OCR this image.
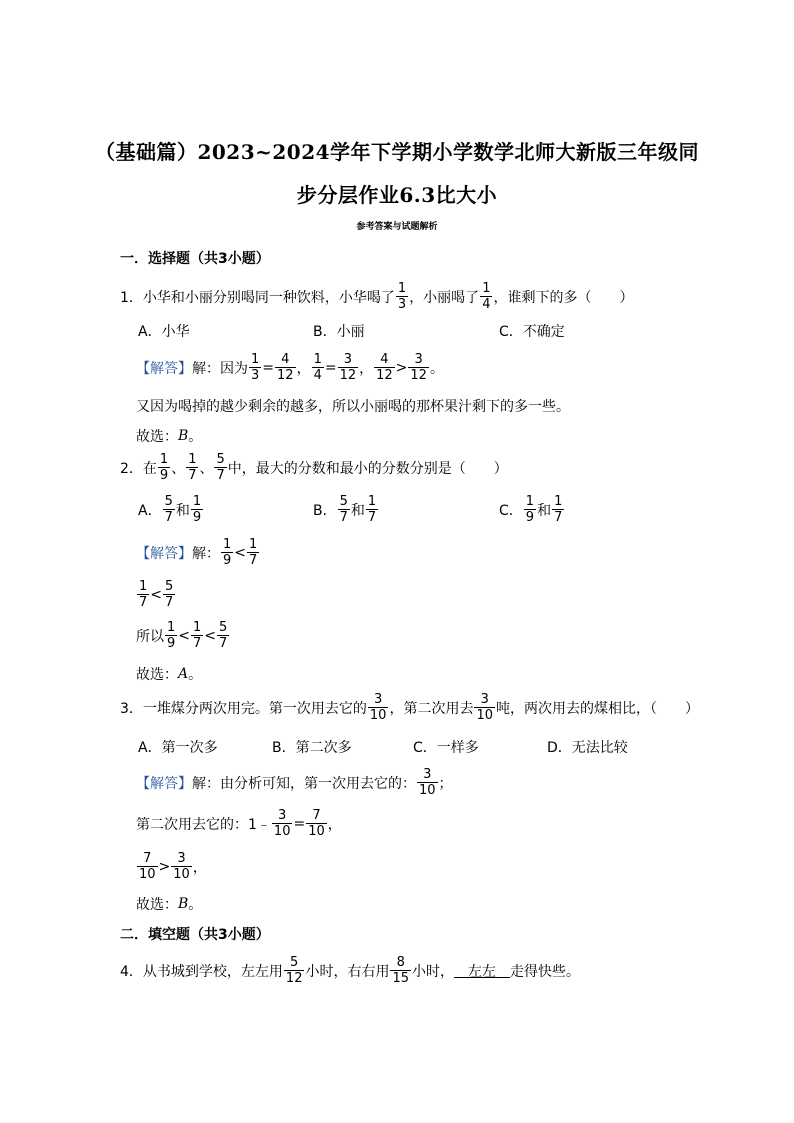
（基础篇）2023~2024学年下学期小学数学北师大新版三年级同
步分层作业6.3比大小
参考答案与试题解析
一．选择题（共3小题）
1．小华和小丽分别喝同一种饮料，小华喝了 $\frac{1}{3}$ ，小丽喝了 $\frac{1}{4}$ ，谁剩下的多（　　）
A．小华	B．小丽	C．不确定
【解答】 解：因为 $\frac{1}{3} = \frac{4}{12}$ ， $\frac{1}{4} = \frac{3}{12}$ ， $\frac{4}{12} > \frac{3}{12}$ 。
又因为喝掉的越少剩余的越多，所以小丽喝的那杯果汁剩下的多一些。
故选： B 。
2．在 $\frac{1}{9}$ 、 $\frac{1}{7}$ 、 $\frac{5}{7}$ 中，最大的分数和最小的分数分别是（　　）
A． $\frac{5}{7}$ 和 $\frac{1}{9}$	B． $\frac{5}{7}$ 和 $\frac{1}{7}$	C． $\frac{1}{9}$ 和 $\frac{1}{7}$
【解答】 解： $\frac{1}{9} < \frac{1}{7}$
$\frac{1}{7} < \frac{5}{7}$
所以 $\frac{1}{9} < \frac{1}{7} < \frac{5}{7}$
故选： A 。
3．一堆煤分两次用完。第一次用去它的 $\frac{3}{10}$ ，第二次用去 $\frac{3}{10}$ 吨，两次用去的煤相比，（　　）
A．第一次多	B．第二次多	C．一样多	D．无法比较
【解答】 解：由分析可知，第一次用去它的： $\frac{3}{10}$ ；
第二次用去它的：1﹣ $\frac{3}{10} = \frac{7}{10}$ ，
$\frac{7}{10} > \frac{3}{10}$ ，
故选： B 。
二．填空题（共3小题）
4．从书城到学校，左左用 $\frac{5}{12}$ 小时，右右用 $\frac{8}{15}$ 小时， 　左左　 走得快些。
